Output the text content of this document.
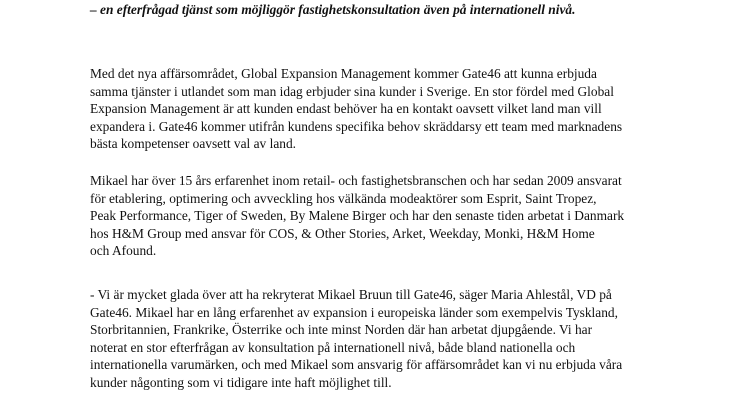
– en efterfrågad tjänst som möjliggör fastighetskonsultation även på internationell nivå.

Med det nya affärsområdet, Global Expansion Management kommer Gate46 att kunna erbjuda
samma tjänster i utlandet som man idag erbjuder sina kunder i Sverige. En stor fördel med Global
Expansion Management är att kunden endast behöver ha en kontakt oavsett vilket land man vill
expandera i. Gate46 kommer utifrån kundens specifika behov skräddarsy ett team med marknadens
bästa kompetenser oavsett val av land.

Mikael har över 15 års erfarenhet inom retail- och fastighetsbranschen och har sedan 2009 ansvarat
för etablering, optimering och avveckling hos välkända modeaktörer som Esprit, Saint Tropez,
Peak Performance, Tiger of Sweden, By Malene Birger och har den senaste tiden arbetat i Danmark
hos H&M Group med ansvar för COS, & Other Stories, Arket, Weekday, Monki, H&M Home
och Afound.

- Vi är mycket glada över att ha rekryterat Mikael Bruun till Gate46, säger Maria Ahlestål, VD på
Gate46. Mikael har en lång erfarenhet av expansion i europeiska länder som exempelvis Tyskland,
Storbritannien, Frankrike, Österrike och inte minst Norden där han arbetat djupgående. Vi har
noterat en stor efterfrågan av konsultation på internationell nivå, både bland nationella och
internationella varumärken, och med Mikael som ansvarig för affärsområdet kan vi nu erbjuda våra
kunder någonting som vi tidigare inte haft möjlighet till.
